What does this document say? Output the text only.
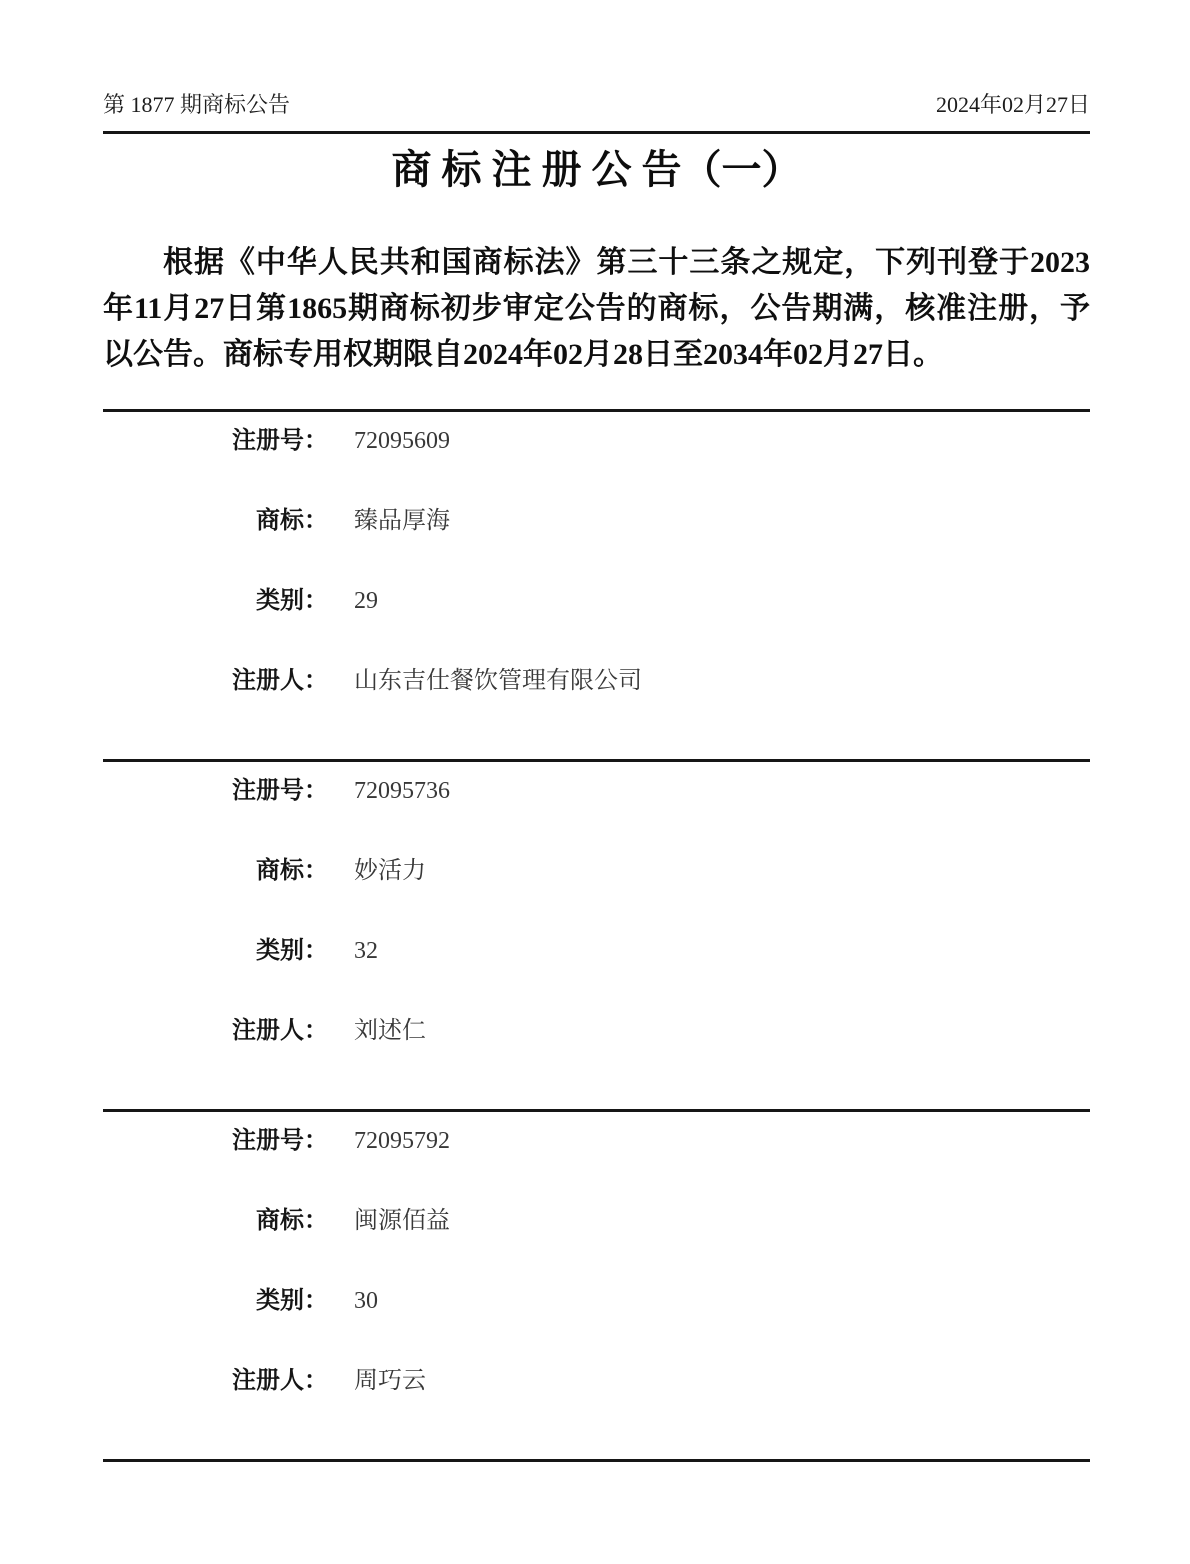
第 1877 期商标公告	2024年02月27日
商 标 注 册 公 告（一）

根据《中华人民共和国商标法》第三十三条之规定，下列刊登于2023年11月27日第1865期商标初步审定公告的商标，公告期满，核准注册，予以公告。商标专用权期限自2024年02月28日至2034年02月27日。

注册号：	72095609
商标：	臻品厚海
类别：	29
注册人：	山东吉仕餐饮管理有限公司
注册号：	72095736
商标：	妙活力
类别：	32
注册人：	刘述仁
注册号：	72095792
商标：	闽源佰益
类别：	30
注册人：	周巧云
